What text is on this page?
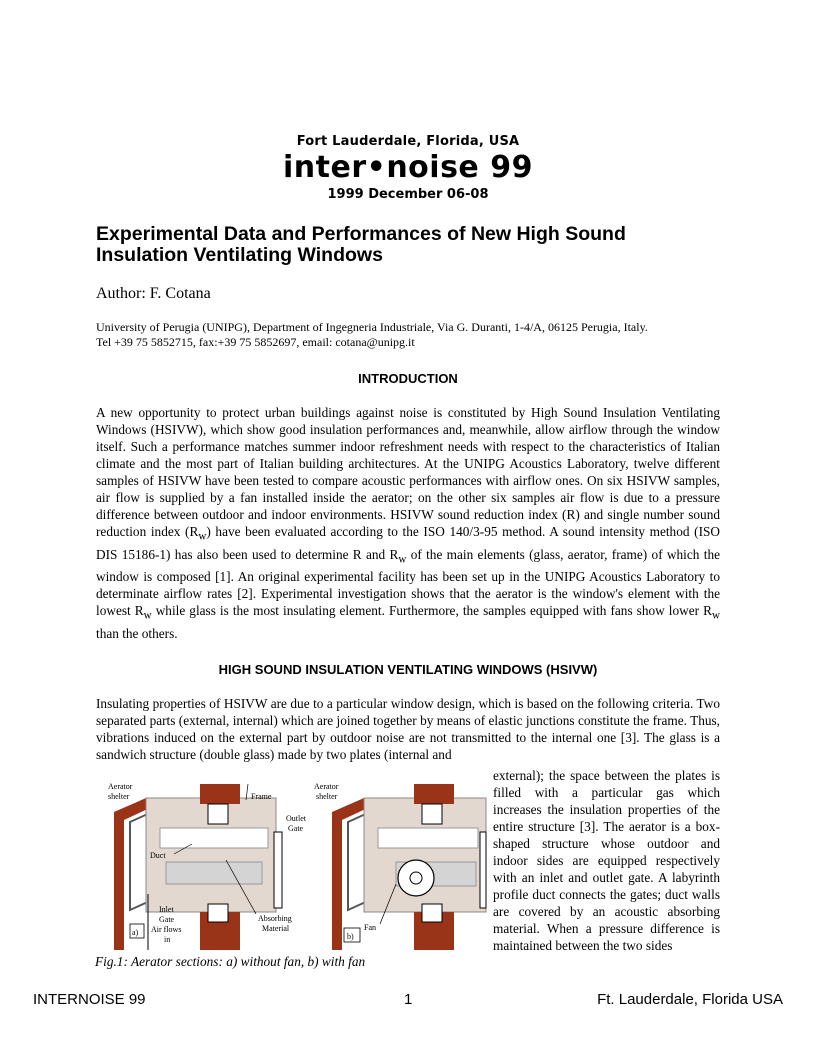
Fort Lauderdale, Florida, USA
inter•noise 99
1999 December 06-08
Experimental Data and Performances of New High Sound Insulation Ventilating Windows
Author: F. Cotana
University of Perugia (UNIPG), Department of Ingegneria Industriale, Via G. Duranti, 1-4/A, 06125 Perugia, Italy.
Tel +39 75 5852715, fax:+39 75 5852697, email: cotana@unipg.it
INTRODUCTION
A new opportunity to protect urban buildings against noise is constituted by High Sound Insulation Ventilating Windows (HSIVW), which show good insulation performances and, meanwhile, allow airflow through the window itself. Such a performance matches summer indoor refreshment needs with respect to the characteristics of Italian climate and the most part of Italian building architectures. At the UNIPG Acoustics Laboratory, twelve different samples of HSIVW have been tested to compare acoustic performances with airflow ones. On six HSIVW samples, air flow is supplied by a fan installed inside the aerator; on the other six samples air flow is due to a pressure difference between outdoor and indoor environments. HSIVW sound reduction index (R) and single number sound reduction index $(R_w)$ have been evaluated according to the ISO 140/3-95 method. A sound intensity method (ISO DIS 15186-1) has also been used to determine R and $R_w$ of the main elements (glass, aerator, frame) of which the window is composed [1]. An original experimental facility has been set up in the UNIPG Acoustics Laboratory to determinate airflow rates [2]. Experimental investigation shows that the aerator is the window's element with the lowest $R_w$ while glass is the most insulating element. Furthermore, the samples equipped with fans show lower $R_w$ than the others.
HIGH SOUND INSULATION VENTILATING WINDOWS (HSIVW)
Insulating properties of HSIVW are due to a particular window design, which is based on the following criteria. Two separated parts (external, internal) which are joined together by means of elastic junctions constitute the frame. Thus, vibrations induced on the external part by outdoor noise are not transmitted to the internal one [3]. The glass is a sandwich structure (double glass) made by two plates (internal and
external); the space between the plates is filled with a particular gas which increases the insulation properties of the entire structure [3]. The aerator is a box-shaped structure whose outdoor and indoor sides are equipped respectively with an inlet and outlet gate. A labyrinth profile duct connects the gates; duct walls are covered by an acoustic absorbing material. When a pressure difference is maintained between the two sides
Aerator
shelter	Frame
Outlet
Gate
Duct
Inlet
Gate
Air flows
in
Absorbing
Material
a)
Aerator
shelter
Fan
b)
Fig.1: Aerator sections: a) without fan, b) with fan
INTERNOISE 99	1	Ft. Lauderdale, Florida USA
